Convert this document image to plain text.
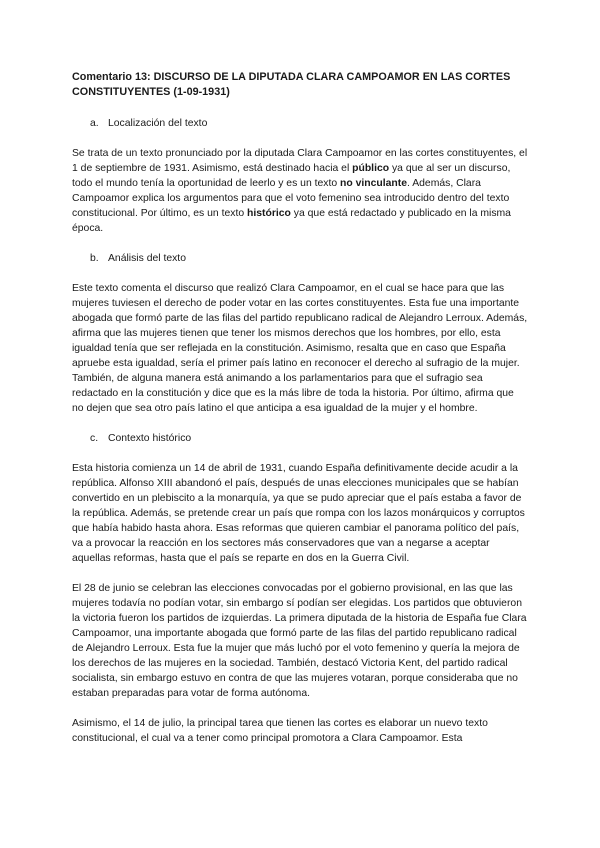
Comentario 13: DISCURSO DE LA DIPUTADA CLARA CAMPOAMOR EN LAS CORTES CONSTITUYENTES (1-09-1931)
a. Localización del texto

Se trata de un texto pronunciado por la diputada Clara Campoamor en las cortes constituyentes, el 1 de septiembre de 1931. Asimismo, está destinado hacia el público ya que al ser un discurso, todo el mundo tenía la oportunidad de leerlo y es un texto no vinculante. Además, Clara Campoamor explica los argumentos para que el voto femenino sea introducido dentro del texto constitucional. Por último, es un texto histórico ya que está redactado y publicado en la misma época.

b. Análisis del texto

Este texto comenta el discurso que realizó Clara Campoamor, en el cual se hace para que las mujeres tuviesen el derecho de poder votar en las cortes constituyentes. Esta fue una importante abogada que formó parte de las filas del partido republicano radical de Alejandro Lerroux. Además, afirma que las mujeres tienen que tener los mismos derechos que los hombres, por ello, esta igualdad tenía que ser reflejada en la constitución. Asimismo, resalta que en caso que España apruebe esta igualdad, sería el primer país latino en reconocer el derecho al sufragio de la mujer. También, de alguna manera está animando a los parlamentarios para que el sufragio sea redactado en la constitución y dice que es la más libre de toda la historia. Por último, afirma que no dejen que sea otro país latino el que anticipa a esa igualdad de la mujer y el hombre.

c. Contexto histórico

Esta historia comienza un 14 de abril de 1931, cuando España definitivamente decide acudir a la república. Alfonso XIII abandonó el país, después de unas elecciones municipales que se habían convertido en un plebiscito a la monarquía, ya que se pudo apreciar que el país estaba a favor de la república. Además, se pretende crear un país que rompa con los lazos monárquicos y corruptos que había habido hasta ahora. Esas reformas que quieren cambiar el panorama político del país, va a provocar la reacción en los sectores más conservadores que van a negarse a aceptar aquellas reformas, hasta que el país se reparte en dos en la Guerra Civil.

El 28 de junio se celebran las elecciones convocadas por el gobierno provisional, en las que las mujeres todavía no podían votar, sin embargo sí podían ser elegidas. Los partidos que obtuvieron la victoria fueron los partidos de izquierdas. La primera diputada de la historia de España fue Clara Campoamor, una importante abogada que formó parte de las filas del partido republicano radical de Alejandro Lerroux. Esta fue la mujer que más luchó por el voto femenino y quería la mejora de los derechos de las mujeres en la sociedad. También, destacó Victoria Kent, del partido radical socialista, sin embargo estuvo en contra de que las mujeres votaran, porque consideraba que no estaban preparadas para votar de forma autónoma.

Asimismo, el 14 de julio, la principal tarea que tienen las cortes es elaborar un nuevo texto constitucional, el cual va a tener como principal promotora a Clara Campoamor. Esta
